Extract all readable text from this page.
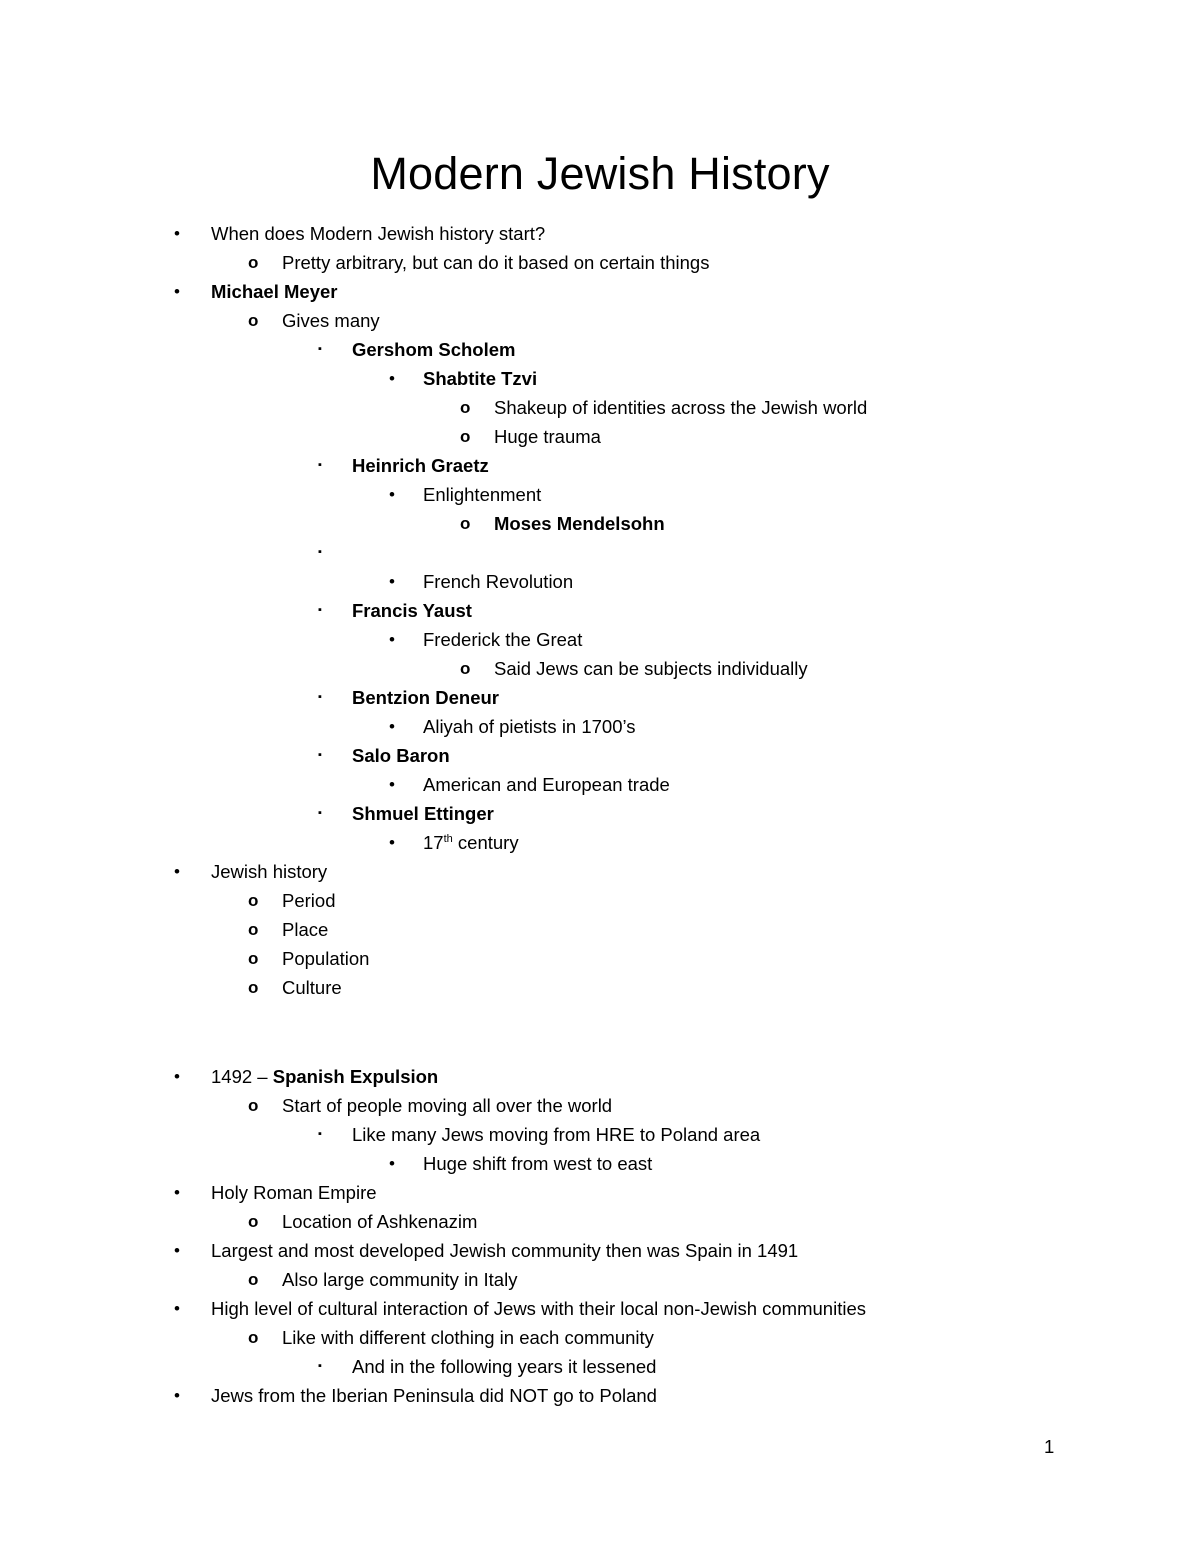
Modern Jewish History
•	When does Modern Jewish history start?
o	Pretty arbitrary, but can do it based on certain things
•	Michael Meyer
o	Gives many
▪	Gershom Scholem
•	Shabtite Tzvi
o	Shakeup of identities across the Jewish world
o	Huge trauma
▪	Heinrich Graetz
•	Enlightenment
o	Moses Mendelsohn
▪
•	French Revolution
▪	Francis Yaust
•	Frederick the Great
o	Said Jews can be subjects individually
▪	Bentzion Deneur
•	Aliyah of pietists in 1700’s
▪	Salo Baron
•	American and European trade
▪	Shmuel Ettinger
•	17th century
•	Jewish history
o	Period
o	Place
o	Population
o	Culture
•	1492 – Spanish Expulsion
o	Start of people moving all over the world
▪	Like many Jews moving from HRE to Poland area
•	Huge shift from west to east
•	Holy Roman Empire
o	Location of Ashkenazim
•	Largest and most developed Jewish community then was Spain in 1491
o	Also large community in Italy
•	High level of cultural interaction of Jews with their local non-Jewish communities
o	Like with different clothing in each community
▪	And in the following years it lessened
•	Jews from the Iberian Peninsula did NOT go to Poland
1
